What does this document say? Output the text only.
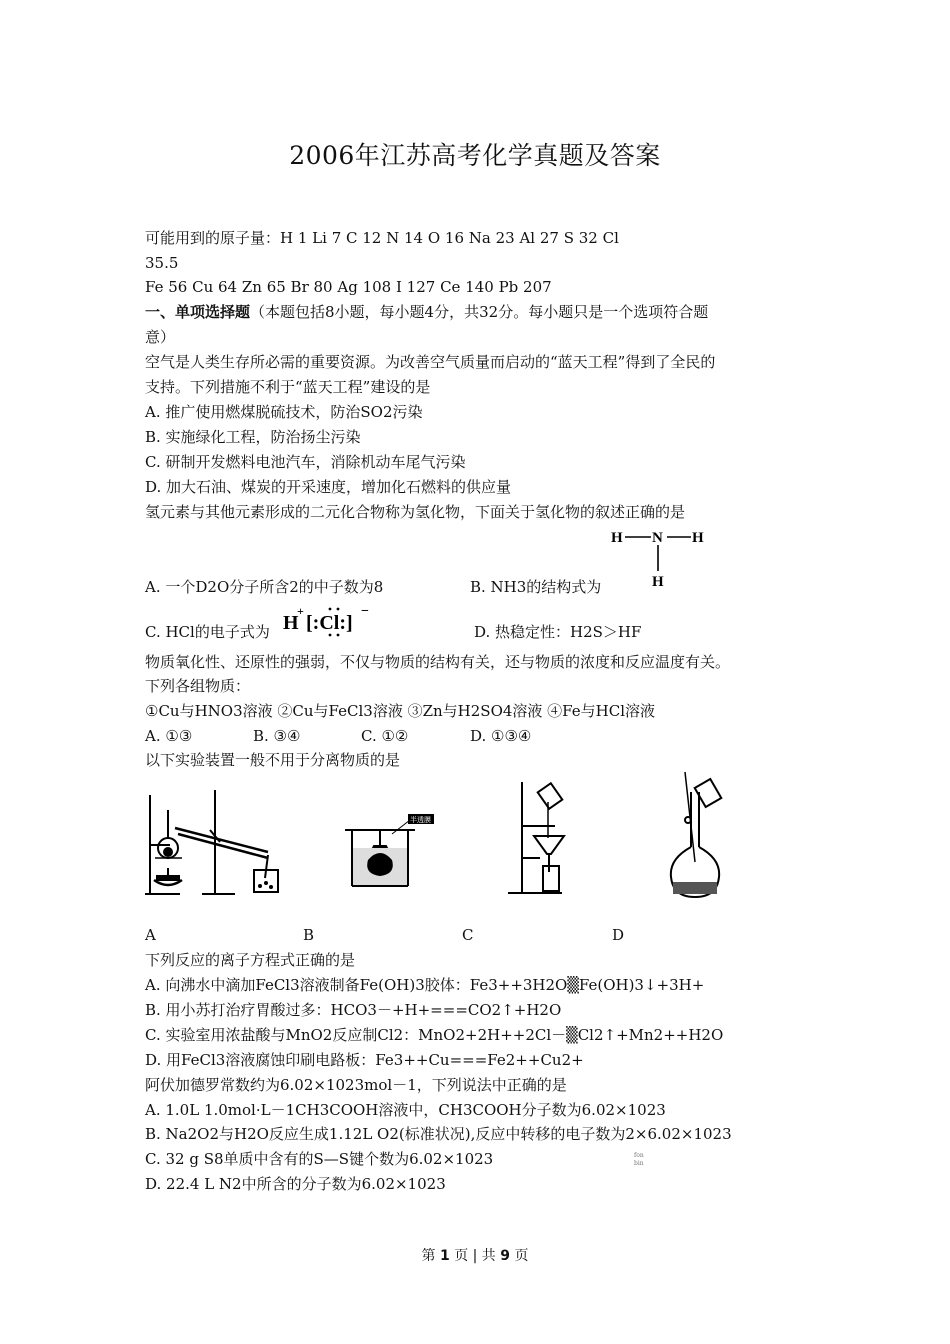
2006年江苏高考化学真题及答案
可能用到的原子量：H 1 Li 7 C 12 N 14 O 16 Na 23 Al 27 S 32 Cl
35.5
Fe 56 Cu 64 Zn 65 Br 80 Ag 108 I 127 Ce 140 Pb 207
一、单项选择题（本题包括8小题，每小题4分，共32分。每小题只是一个选项符合题
意）
空气是人类生存所必需的重要资源。为改善空气质量而启动的“蓝天工程”得到了全民的
支持。下列措施不利于“蓝天工程”建设的是
A. 推广使用燃煤脱硫技术，防治SO2污染
B. 实施绿化工程，防治扬尘污染
C. 研制开发燃料电池汽车，消除机动车尾气污染
D. 加大石油、煤炭的开采速度，增加化石燃料的供应量
氢元素与其他元素形成的二元化合物称为氢化物，下面关于氢化物的叙述正确的是
H N H
H
A. 一个D2O分子所含2的中子数为8	B. NH3的结构式为
C. HCl的电子式为 H
+
[:Cl:]
−
D. 热稳定性：H2S＞HF
物质氧化性、还原性的强弱，不仅与物质的结构有关，还与物质的浓度和反应温度有关。
下列各组物质：
①Cu与HNO3溶液 ②Cu与FeCl3溶液 ③Zn与H2SO4溶液 ④Fe与HCl溶液
A. ①③	B. ③④	C. ①②	D. ①③④
以下实验装置一般不用于分离物质的是
半透膜
A	B	C	D
下列反应的离子方程式正确的是
A. 向沸水中滴加FeCl3溶液制备Fe(OH)3胶体：Fe3++3H2O▒Fe(OH)3↓+3H+
B. 用小苏打治疗胃酸过多：HCO3－+H+===CO2↑+H2O
C. 实验室用浓盐酸与MnO2反应制Cl2：MnO2+2H++2Cl－▒Cl2↑+Mn2++H2O
D. 用FeCl3溶液腐蚀印刷电路板：Fe3++Cu===Fe2++Cu2+
阿伏加德罗常数约为6.02×1023mol－1，下列说法中正确的是
A. 1.0L 1.0mol·L－1CH3COOH溶液中，CH3COOH分子数为6.02×1023
B. Na2O2与H2O反应生成1.12L O2(标准状况),反应中转移的电子数为2×6.02×1023
C. 32 g S8单质中含有的S—S键个数为6.02×1023	fon
bin
D. 22.4 L N2中所含的分子数为6.02×1023
第 1 页 | 共 9 页
